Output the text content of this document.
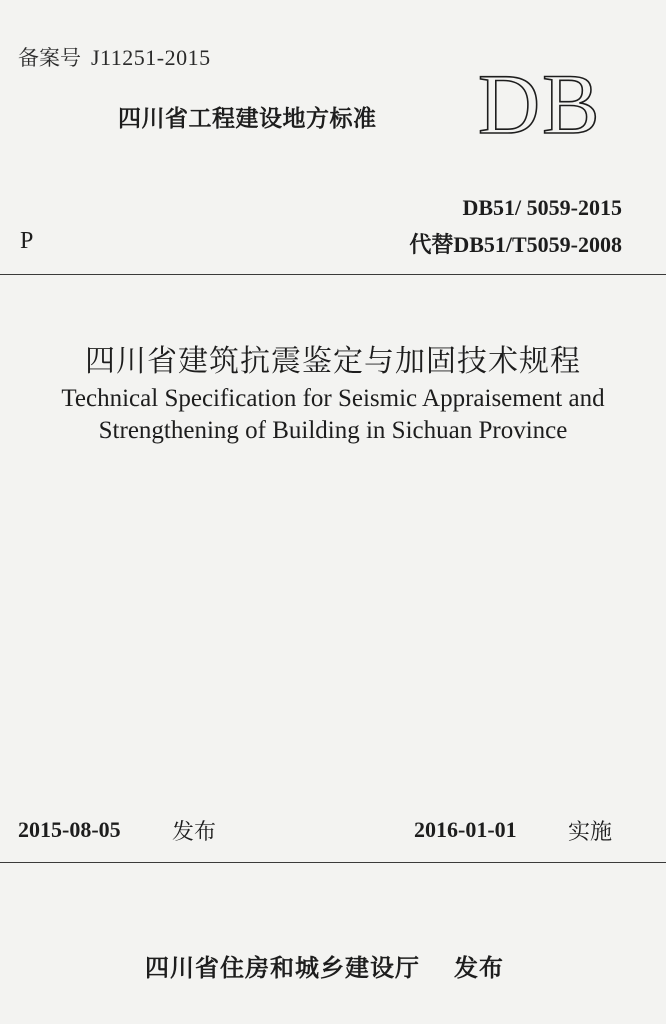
备案号 J11251-2015
四川省工程建设地方标准 DB
DB51/ 5059-2015
P	代替DB51/T5059-2008
四川省建筑抗震鉴定与加固技术规程
Technical Specification for Seismic Appraisement and
Strengthening of Building in Sichuan Province
2015-08-05 发布	2016-01-01 实施
四川省住房和城乡建设厅 发布
